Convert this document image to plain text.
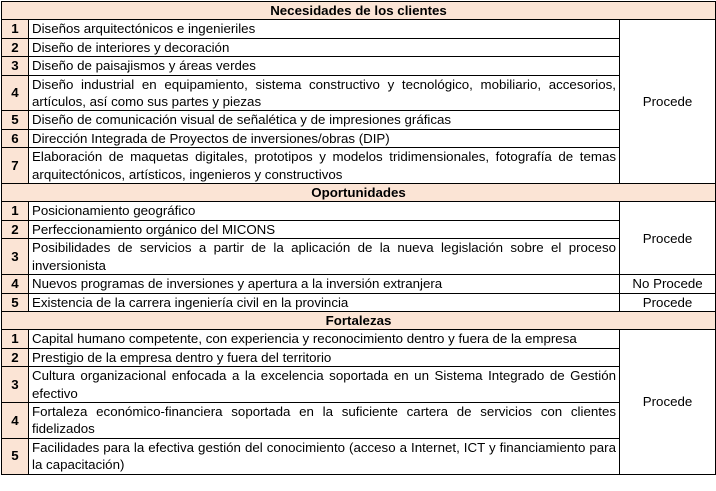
Necesidades de los clientes		
1	Diseños arquitectónicos e ingenieriles	Procede
2	Diseño de interiores y decoración	
3	Diseño de paisajismos y áreas verdes	
4	Diseño industrial en equipamiento, sistema constructivo y tecnológico, mobiliario, accesorios, artículos, así como sus partes y piezas	
5	Diseño de comunicación visual de señalética y de impresiones gráficas	
6	Dirección Integrada de Proyectos de inversiones/obras (DIP)	
7	Elaboración de maquetas digitales, prototipos y modelos tridimensionales, fotografía de temas arquitectónicos, artísticos, ingenieros y constructivos	
Oportunidades		
1	Posicionamiento geográfico	Procede
2	Perfeccionamiento orgánico del MICONS	
3	Posibilidades de servicios a partir de la aplicación de la nueva legislación sobre el proceso inversionista	
4	Nuevos programas de inversiones y apertura a la inversión extranjera	No Procede
5	Existencia de la carrera ingeniería civil en la provincia	Procede
Fortalezas		
1	Capital humano competente, con experiencia y reconocimiento dentro y fuera de la empresa	Procede
2	Prestigio de la empresa dentro y fuera del territorio	
3	Cultura organizacional enfocada a la excelencia soportada en un Sistema Integrado de Gestión efectivo	
4	Fortaleza económico-financiera soportada en la suficiente cartera de servicios con clientes fidelizados	
5	Facilidades para la efectiva gestión del conocimiento (acceso a Internet, ICT y financiamiento para la capacitación)	
